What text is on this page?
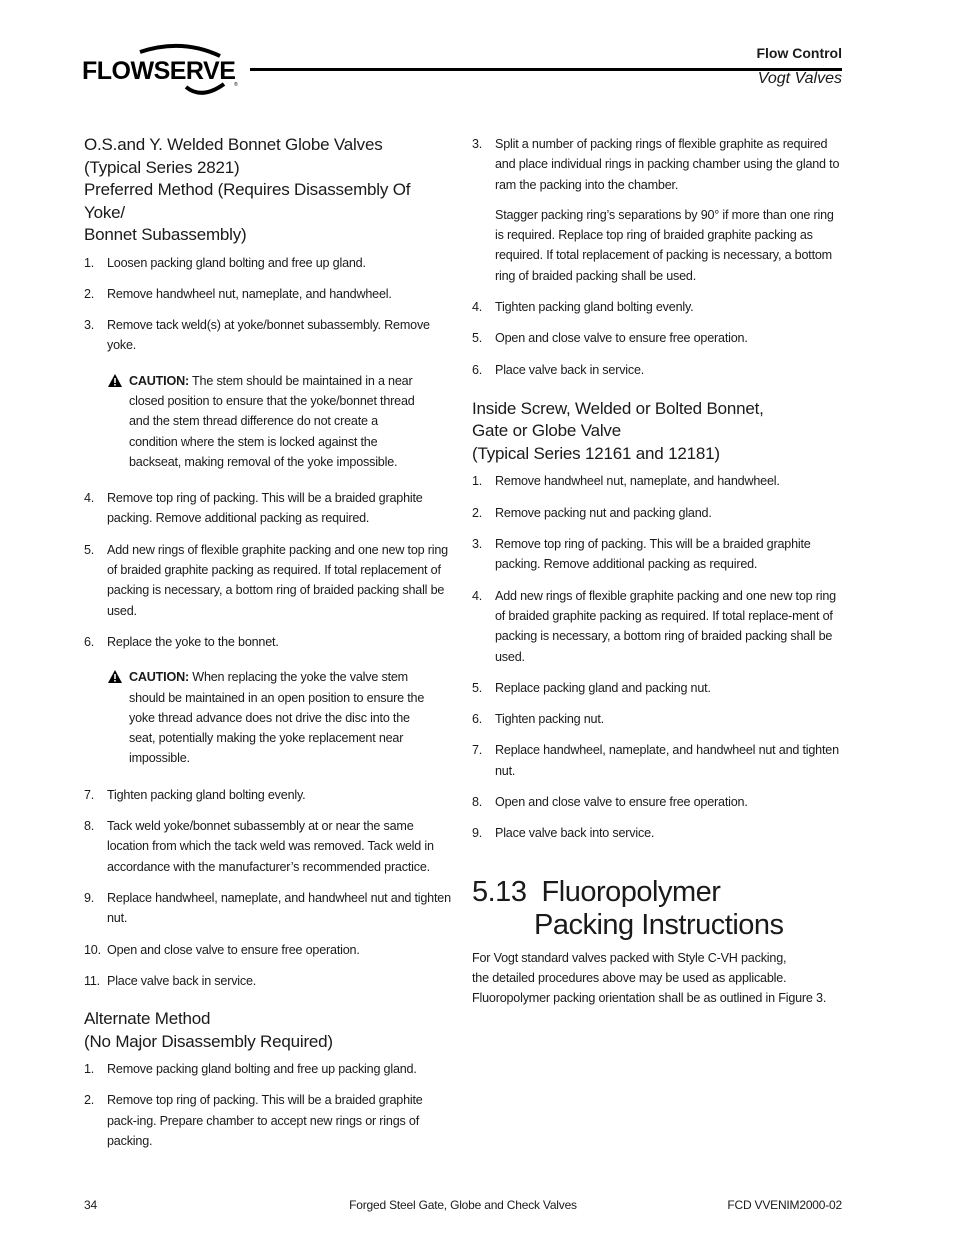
FLOWSERVE
®
Flow Control
Vogt Valves
O.S.and Y. Welded Bonnet Globe Valves
(Typical Series 2821)
Preferred Method (Requires Disassembly Of Yoke/
Bonnet Subassembly)
1. Loosen packing gland bolting and free up gland.
2. Remove handwheel nut, nameplate, and handwheel.
3. Remove tack weld(s) at yoke/bonnet subassembly. Remove yoke.
CAUTION: The stem should be maintained in a near closed position to ensure that the yoke/bonnet thread and the stem thread difference do not create a condition where the stem is locked against the backseat, making removal of the yoke impossible.
4. Remove top ring of packing. This will be a braided graphite packing. Remove additional packing as required.
5. Add new rings of flexible graphite packing and one new top ring of braided graphite packing as required. If total replacement of packing is necessary, a bottom ring of braided packing shall be used.
6. Replace the yoke to the bonnet.
CAUTION: When replacing the yoke the valve stem should be maintained in an open position to ensure the yoke thread advance does not drive the disc into the seat, potentially making the yoke replacement near impossible.
7. Tighten packing gland bolting evenly.
8. Tack weld yoke/bonnet subassembly at or near the same location from which the tack weld was removed. Tack weld in accordance with the manufacturer’s recommended practice.
9. Replace handwheel, nameplate, and handwheel nut and tighten nut.
10. Open and close valve to ensure free operation.
11. Place valve back in service.
Alternate Method
(No Major Disassembly Required)
1. Remove packing gland bolting and free up packing gland.
2. Remove top ring of packing. This will be a braided graphite pack-ing. Prepare chamber to accept new rings or rings of packing.
3. Split a number of packing rings of flexible graphite as required and place individual rings in packing chamber using the gland to ram the packing into the chamber.
Stagger packing ring’s separations by 90° if more than one ring is required. Replace top ring of braided graphite packing as required. If total replacement of packing is necessary, a bottom ring of braided packing shall be used.
4. Tighten packing gland bolting evenly.
5. Open and close valve to ensure free operation.
6. Place valve back in service.
Inside Screw, Welded or Bolted Bonnet,
Gate or Globe Valve
(Typical Series 12161 and 12181)
1. Remove handwheel nut, nameplate, and handwheel.
2. Remove packing nut and packing gland.
3. Remove top ring of packing. This will be a braided graphite packing. Remove additional packing as required.
4. Add new rings of flexible graphite packing and one new top ring of braided graphite packing as required. If total replace-ment of packing is necessary, a bottom ring of braided packing shall be used.
5. Replace packing gland and packing nut.
6. Tighten packing nut.
7. Replace handwheel, nameplate, and handwheel nut and tighten nut.
8. Open and close valve to ensure free operation.
9. Place valve back into service.
5.13  Fluoropolymer
Packing Instructions
For Vogt standard valves packed with Style C-VH packing,
the detailed procedures above may be used as applicable.
Fluoropolymer packing orientation shall be as outlined in Figure 3.
34	Forged Steel Gate, Globe and Check Valves	FCD VVENIM2000-02
